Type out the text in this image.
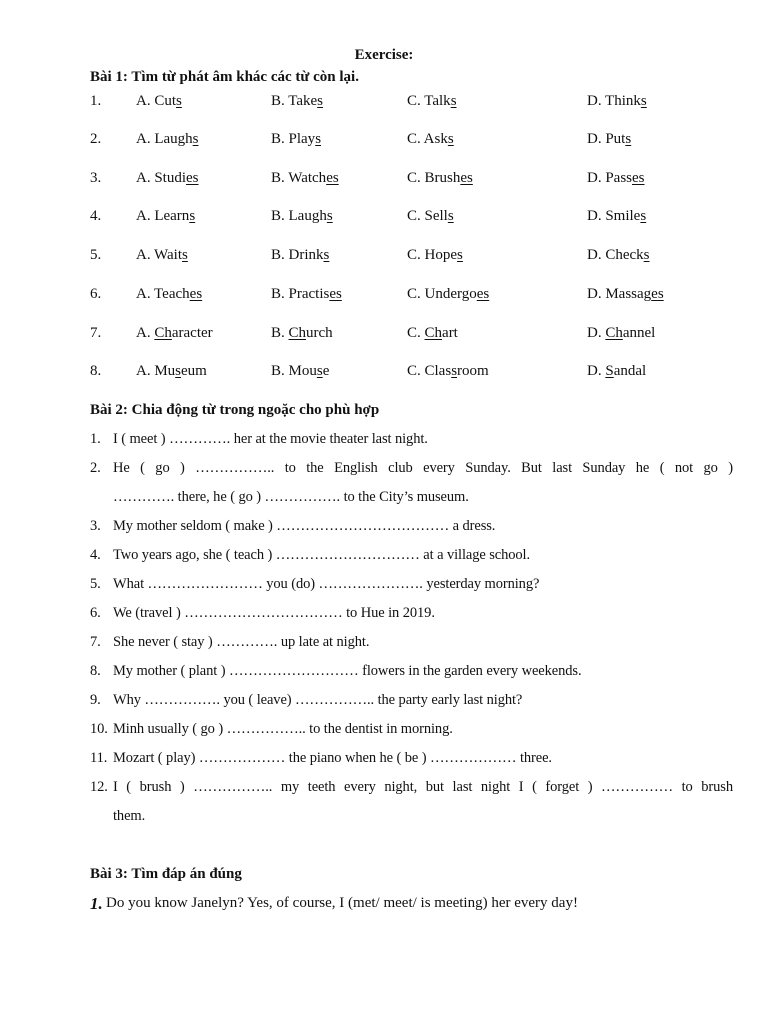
Exercise:
Bài 1: Tìm từ phát âm khác các từ còn lại.
1. A. Cuts	B. Takes	C. Talks	D. Thinks
2. A. Laughs	B. Plays	C. Asks	D. Puts
3. A. Studies	B. Watches	C. Brushes	D. Passes
4. A. Learns	B. Laughs	C. Sells	D. Smiles
5. A. Waits	B. Drinks	C. Hopes	D. Checks
6. A. Teaches	B. Practises	C. Undergoes	D. Massages
7. A. Character	B. Church	C. Chart	D. Channel
8. A. Museum	B. Mouse	C. Classroom	D. Sandal
Bài 2: Chia động từ trong ngoặc cho phù hợp
1. I ( meet ) …………. her at the movie theater last night.
2. He ( go ) …………….. to the English club every Sunday. But last Sunday he ( not go )
…………. there, he ( go ) ……………. to the City’s museum.
3. My mother seldom ( make ) ……………………………… a dress.
4. Two years ago, she ( teach ) ………………………… at a village school.
5. What …………………… you (do) …………………. yesterday morning?
6. We (travel ) …………………………… to Hue in 2019.
7. She never ( stay ) …………. up late at night.
8. My mother ( plant ) ……………………… flowers in the garden every weekends.
9. Why ……………. you ( leave) …………….. the party early last night?
10. Minh usually ( go ) …………….. to the dentist in morning.
11. Mozart ( play) ……………… the piano when he ( be ) ……………… three.
12. I ( brush ) …………….. my teeth every night, but last night I ( forget ) …………… to brush
them.
Bài 3: Tìm đáp án đúng
1. Do you know Janelyn? Yes, of course, I (met/ meet/ is meeting) her every day!
